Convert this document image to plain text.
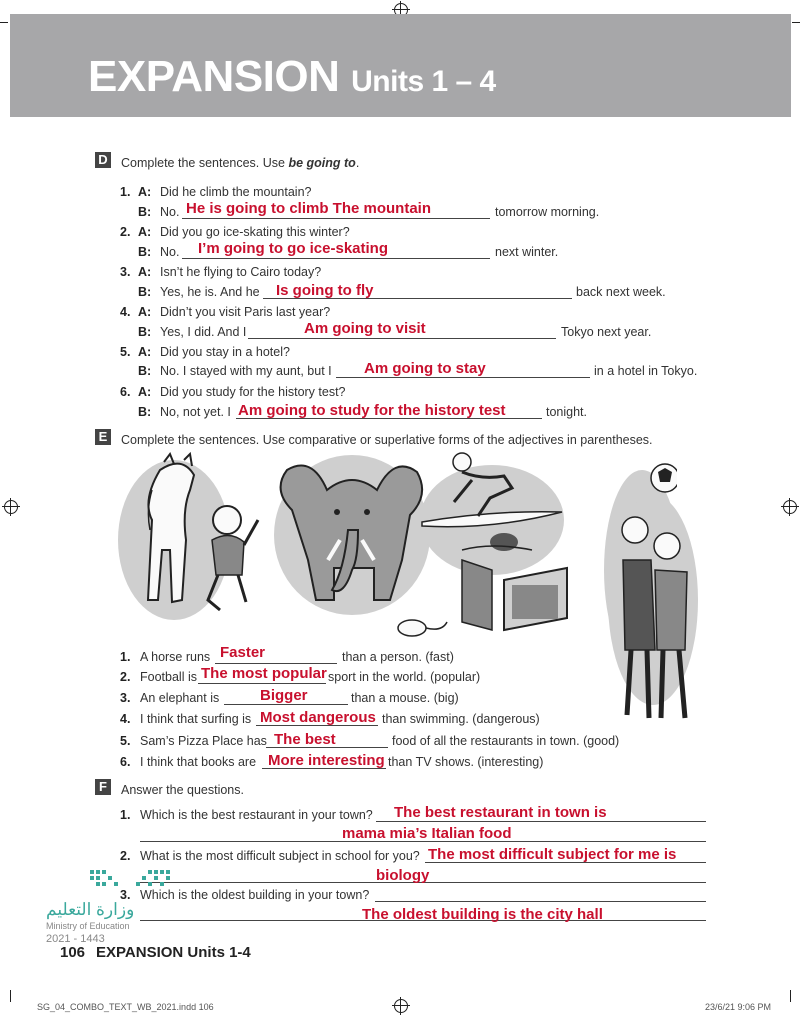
EXPANSION Units 1 – 4
D Complete the sentences. Use be going to.
1. A: Did he climb the mountain?
B: No. He is going to climb The mountain	tomorrow morning.
2. A: Did you go ice-skating this winter?
B: No. I’m going to go ice-skating	next winter.
3. A: Isn’t he flying to Cairo today?
B: Yes, he is. And he Is going to fly	back next week.
4. A: Didn’t you visit Paris last year?
B: Yes, I did. And I	Am going to visit	Tokyo next year.
5. A: Did you stay in a hotel?
B: No. I stayed with my aunt, but I Am going to stay	in a hotel in Tokyo.
6. A: Did you study for the history test?
B: No, not yet. I Am going to study for the history test	tonight.
E Complete the sentences. Use comparative or superlative forms of the adjectives in parentheses.
1. A horse runs Faster	than a person. (fast)
2. Football is The most popular sport in the world. (popular)
3. An elephant is	Bigger	than a mouse. (big)
4. I think that surfing is Most dangerous than swimming. (dangerous)
5. Sam’s Pizza Place has The best	food of all the restaurants in town. (good)
6. I think that books are More interesting than TV shows. (interesting)
F	Answer the questions.
1. Which is the best restaurant in your town? The best restaurant in town is
mama mia’s Italian food
2. What is the most difficult subject in school for you? The most difficult subject for me is
biology
3. Which is the oldest building in your town?
The oldest building is the city hall
وزارة التعليم
Ministry of Education
2021 - 1443
106 EXPANSION Units 1-4
SG_04_COMBO_TEXT_WB_2021.indd 106	23/6/21 9:06 PM
